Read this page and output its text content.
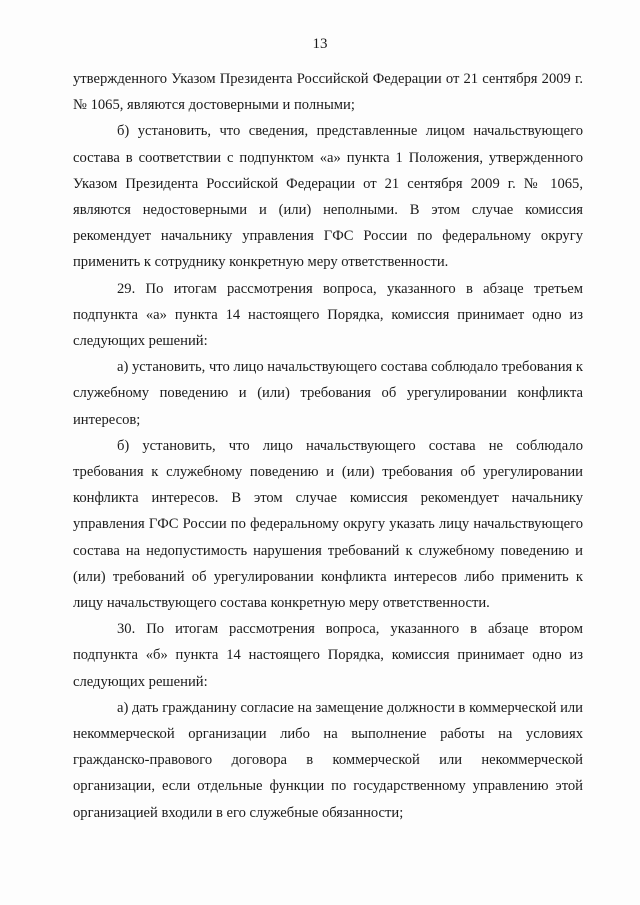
13

утвержденного Указом Президента Российской Федерации от 21 сентября 2009 г. № 1065, являются достоверными и полными;

б) установить, что сведения, представленные лицом начальствующего состава в соответствии с подпунктом «а» пункта 1 Положения, утвержденного Указом Президента Российской Федерации от 21 сентября 2009 г. № 1065, являются недостоверными и (или) неполными. В этом случае комиссия рекомендует начальнику управления ГФС России по федеральному округу применить к сотруднику конкретную меру ответственности.

29. По итогам рассмотрения вопроса, указанного в абзаце третьем подпункта «а» пункта 14 настоящего Порядка, комиссия принимает одно из следующих решений:

а) установить, что лицо начальствующего состава соблюдало требования к служебному поведению и (или) требования об урегулировании конфликта интересов;

б) установить, что лицо начальствующего состава не соблюдало требования к служебному поведению и (или) требования об урегулировании конфликта интересов. В этом случае комиссия рекомендует начальнику управления ГФС России по федеральному округу указать лицу начальствующего состава на недопустимость нарушения требований к служебному поведению и (или) требований об урегулировании конфликта интересов либо применить к лицу начальствующего состава конкретную меру ответственности.

30. По итогам рассмотрения вопроса, указанного в абзаце втором подпункта «б» пункта 14 настоящего Порядка, комиссия принимает одно из следующих решений:

а) дать гражданину согласие на замещение должности в коммерческой или некоммерческой организации либо на выполнение работы на условиях гражданско-правового договора в коммерческой или некоммерческой организации, если отдельные функции по государственному управлению этой организацией входили в его служебные обязанности;
